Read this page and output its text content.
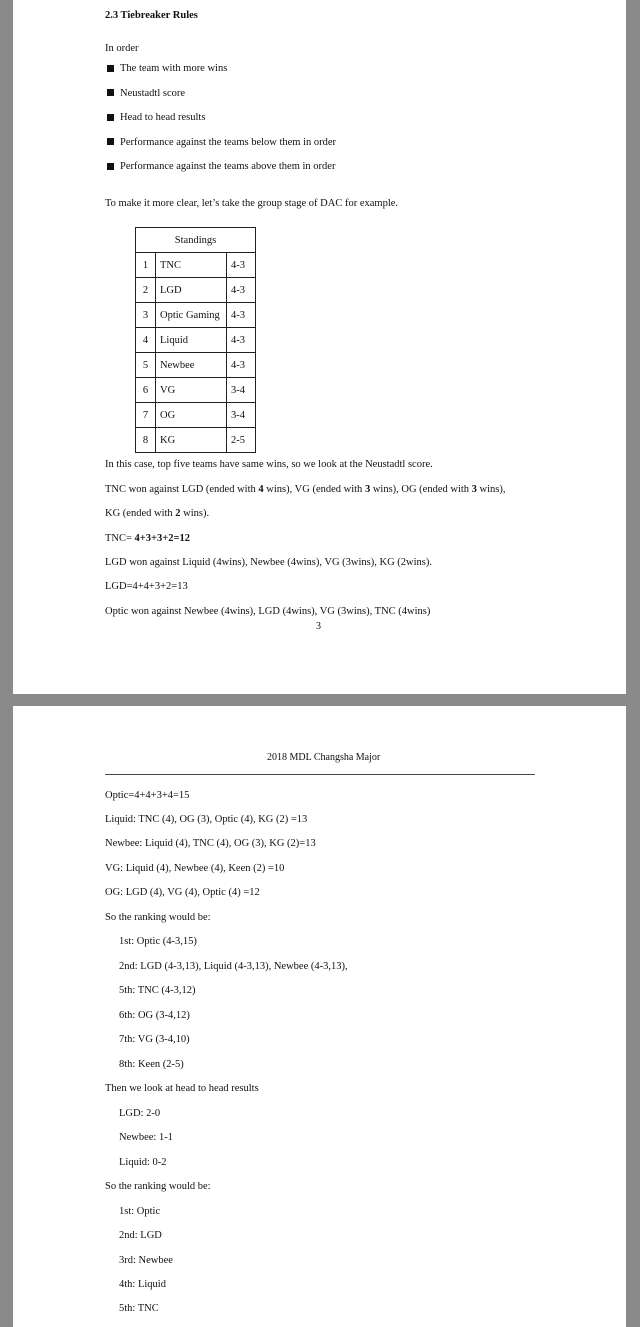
2.3 Tiebreaker Rules
In order
The team with more wins
Neustadtl score
Head to head results
Performance against the teams below them in order
Performance against the teams above them in order
To make it more clear, let’s take the group stage of DAC for example.
Standings		
1	TNC	4-3
2	LGD	4-3
3	Optic Gaming	4-3
4	Liquid	4-3
5	Newbee	4-3
6	VG	3-4
7	OG	3-4
8	KG	2-5
In this case, top five teams have same wins, so we look at the Neustadtl score.
TNC won against LGD (ended with 4 wins), VG (ended with 3 wins), OG (ended with 3 wins),
KG (ended with 2 wins).
TNC= 4+3+3+2=12
LGD won against Liquid (4wins), Newbee (4wins), VG (3wins), KG (2wins).
LGD=4+4+3+2=13
Optic won against Newbee (4wins), LGD (4wins), VG (3wins), TNC (4wins)
3
2018 MDL Changsha Major
Optic=4+4+3+4=15
Liquid: TNC (4), OG (3), Optic (4), KG (2) =13
Newbee: Liquid (4), TNC (4), OG (3), KG (2)=13
VG: Liquid (4), Newbee (4), Keen (2) =10
OG: LGD (4), VG (4), Optic (4) =12
So the ranking would be:
1st: Optic (4-3,15)
2nd: LGD (4-3,13), Liquid (4-3,13), Newbee (4-3,13),
5th: TNC (4-3,12)
6th: OG (3-4,12)
7th: VG (3-4,10)
8th: Keen (2-5)
Then we look at head to head results
LGD: 2-0
Newbee: 1-1
Liquid: 0-2
So the ranking would be:
1st: Optic
2nd: LGD
3rd: Newbee
4th: Liquid
5th: TNC
